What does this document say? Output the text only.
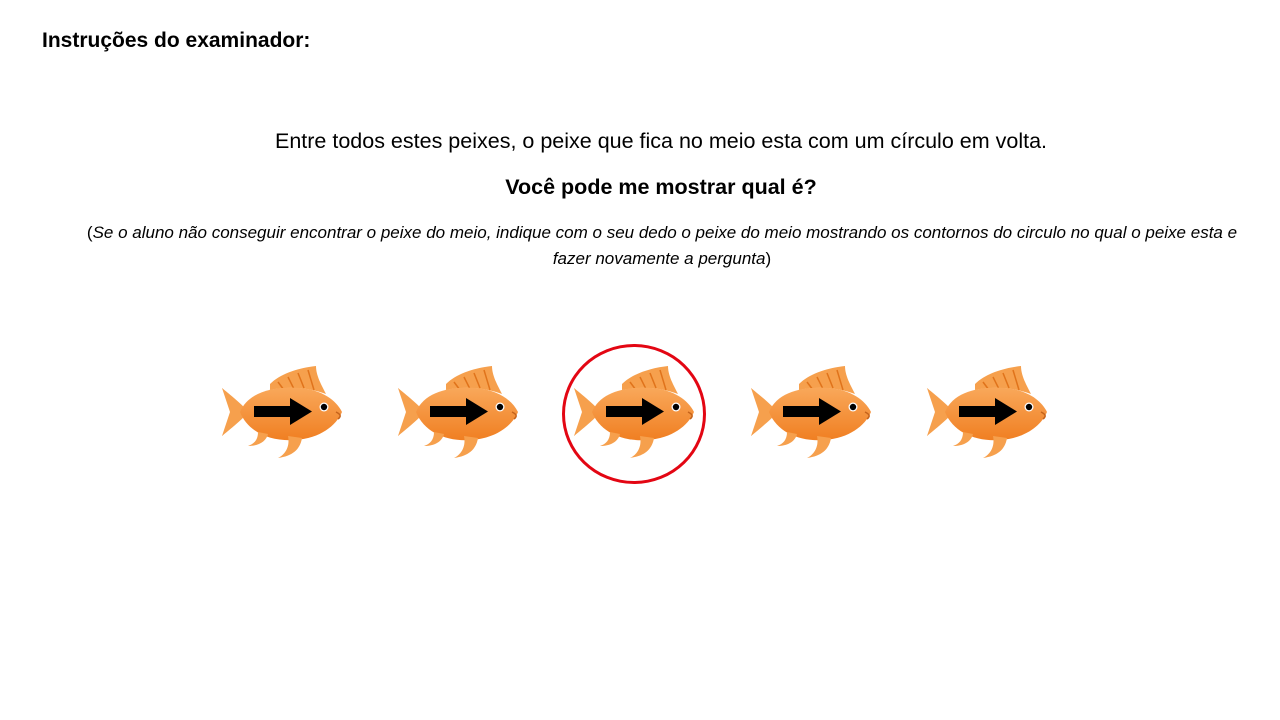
Instruções do examinador:

Entre todos estes peixes, o peixe que fica no meio esta com um círculo em volta.

Você pode me mostrar qual é?

(Se o aluno não conseguir encontrar o peixe do meio, indique com o seu dedo o peixe do meio mostrando os contornos do circulo no qual o peixe esta e fazer novamente a pergunta)
